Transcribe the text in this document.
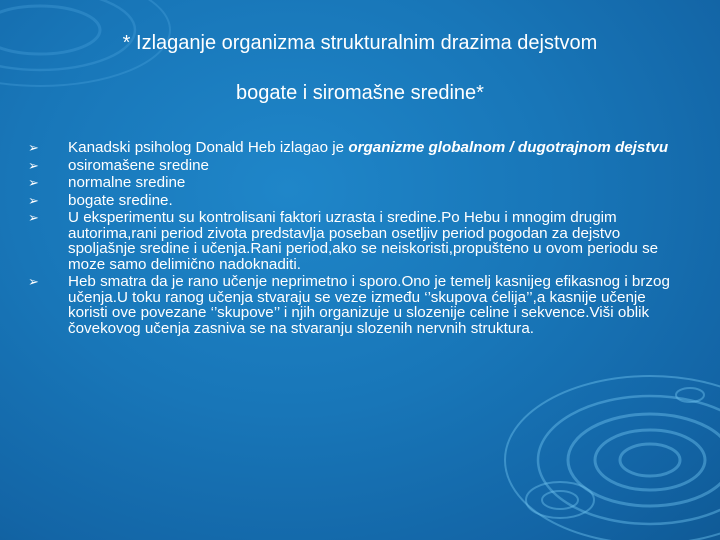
* Izlaganje organizma strukturalnim drazima dejstvom
bogate i siromašne sredine*
➢ Kanadski psiholog Donald Heb izlagao je organizme globalnom / dugotrajnom dejstvu
➢ osiromašene sredine
➢ normalne sredine
➢ bogate sredine.
➢ U eksperimentu su kontrolisani faktori uzrasta i sredine.Po Hebu i mnogim drugim autorima,rani period zivota predstavlja poseban osetljiv period pogodan za dejstvo spoljašnje sredine i učenja.Rani period,ako se neiskoristi,propušteno u ovom periodu se moze samo delimično nadoknaditi.
➢ Heb smatra da je rano učenje neprimetno i sporo.Ono je temelj kasnijeg efikasnog i brzog učenja.U toku ranog učenja stvaraju se veze između ‘’skupova ćelija’’,a kasnije učenje koristi ove povezane ‘’skupove’’ i njih organizuje u slozenije celine i sekvence.Viši oblik čovekovog učenja zasniva se na stvaranju slozenih nervnih struktura.
